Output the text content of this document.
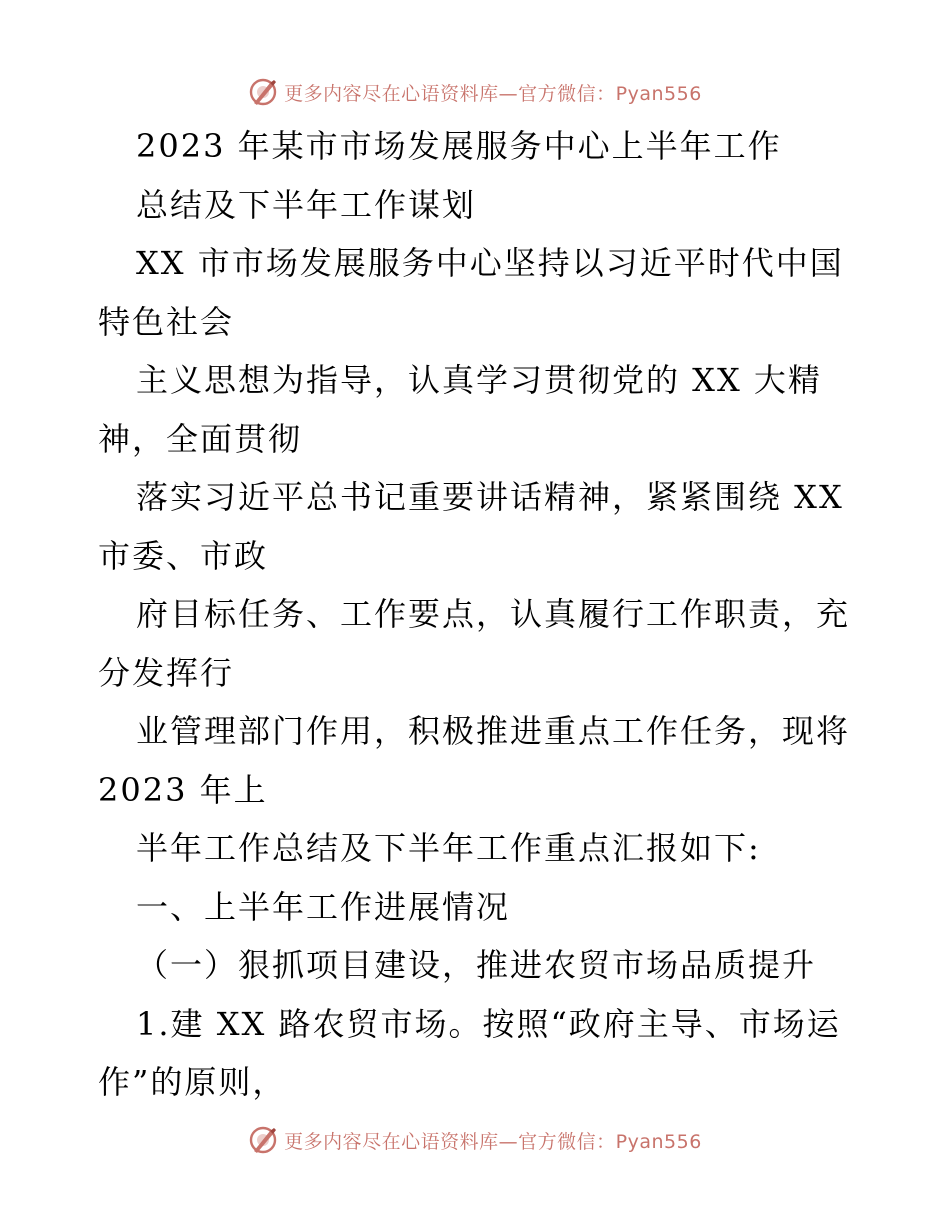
更多内容尽在心语资料库—官方微信：Pyan556
2023 年某市市场发展服务中心上半年工作
总结及下半年工作谋划
XX 市市场发展服务中心坚持以习近平时代中国
特色社会
主义思想为指导，认真学习贯彻党的 XX 大精
神，全面贯彻
落实习近平总书记重要讲话精神，紧紧围绕 XX
市委、市政
府目标任务、工作要点，认真履行工作职责，充
分发挥行
业管理部门作用，积极推进重点工作任务，现将
2023 年上
半年工作总结及下半年工作重点汇报如下:
一、上半年工作进展情况
（一）狠抓项目建设，推进农贸市场品质提升
1.建 XX 路农贸市场。按照“政府主导、市场运
作”的原则，
更多内容尽在心语资料库—官方微信：Pyan556
